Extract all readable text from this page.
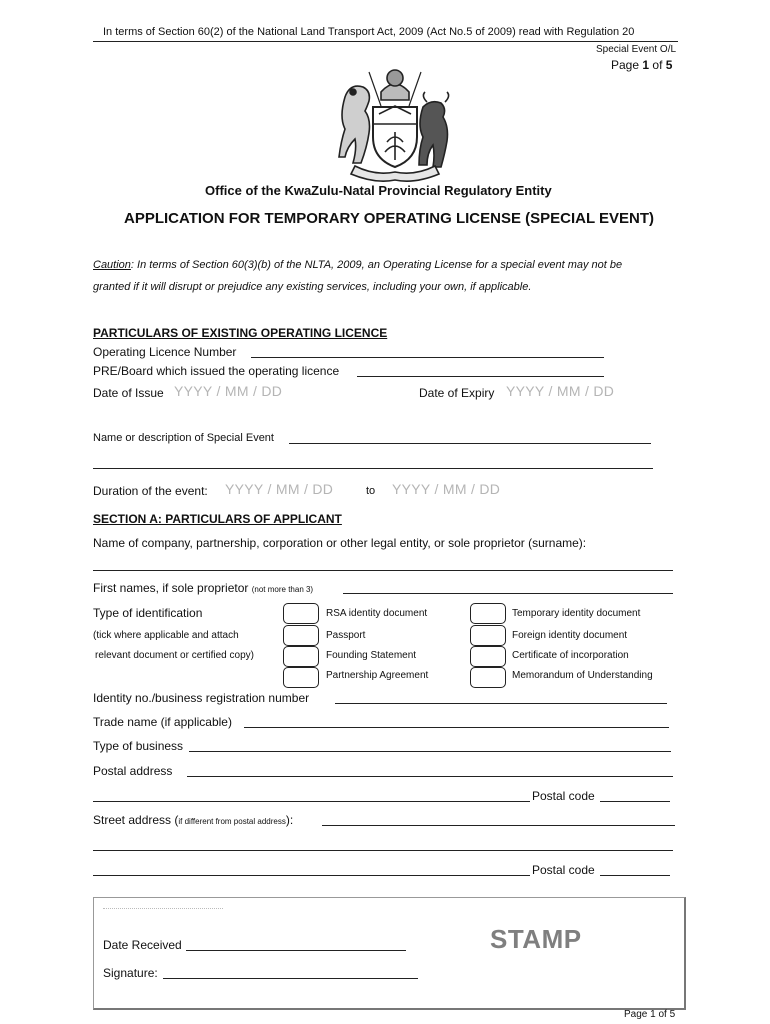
In terms of Section 60(2) of the National Land Transport Act, 2009 (Act No.5 of 2009) read with Regulation 20
Special Event O/L
Page 1 of 5
Office of the KwaZulu-Natal Provincial Regulatory Entity
APPLICATION FOR TEMPORARY OPERATING LICENSE (SPECIAL EVENT)
Caution: In terms of Section 60(3)(b) of the NLTA, 2009, an Operating License for a special event may not be
granted if it will disrupt or prejudice any existing services, including your own, if applicable.
PARTICULARS OF EXISTING OPERATING LICENCE
Operating Licence Number
PRE/Board which issued the operating licence
Date of Issue YYYY / MM / DD	Date of Expiry YYYY / MM / DD
Name or description of Special Event
Duration of the event: YYYY / MM / DD	to YYYY / MM / DD
SECTION A: PARTICULARS OF APPLICANT
Name of company, partnership, corporation or other legal entity, or sole proprietor (surname):
First names, if sole proprietor (not more than 3)
Type of identification
(tick where applicable and attach
relevant document or certified copy)
RSA identity document
Passport
Founding Statement
Partnership Agreement
Temporary identity document
Foreign identity document
Certificate of incorporation
Memorandum of Understanding
Identity no./business registration number
Trade name (if applicable)
Type of business
Postal address
Postal code
Street address (if different from postal address):
Postal code
Date Received
Signature:
STAMP
Page 1 of 5
